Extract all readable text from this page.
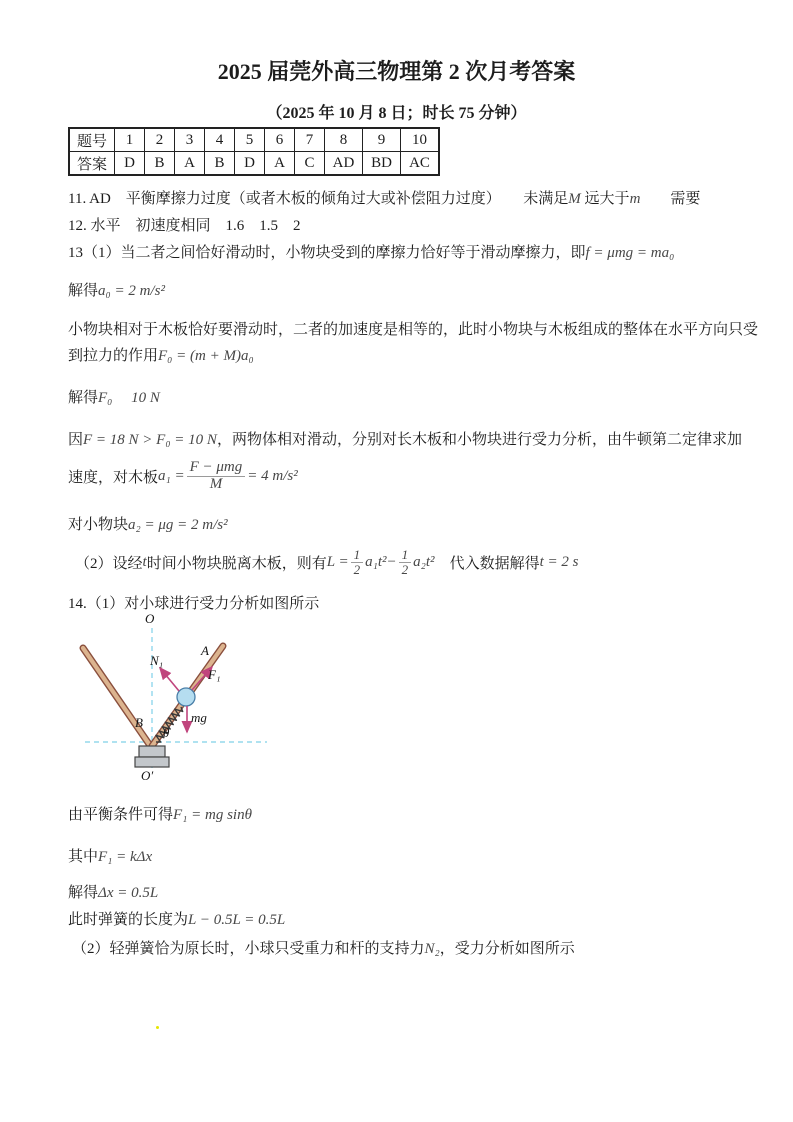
2025 届莞外高三物理第 2 次月考答案
（2025 年 10 月 8 日；时长 75 分钟）
题号	1	2	3	4	5	6	7	8	9	10
答案	D	B	A	B	D	A	C	AD	BD	AC
11. AD　平衡摩擦力过度（或者木板的倾角过大或补偿阻力过度）　　未满足M 远大于m　　需要
12. 水平　初速度相同　1.6　1.5　2
13（1）当二者之间恰好滑动时，小物块受到的摩擦力恰好等于滑动摩擦力，即f = μmg = ma₀
解得a₀ = 2 m/s²
小物块相对于木板恰好要滑动时，二者的加速度是相等的，此时小物块与木板组成的整体在水平方向只受
到拉力的作用F₀ = (m + M)a₀
解得F₀　 10 N
因F = 18 N > F₀ = 10 N，两物体相对滑动，分别对长木板和小物块进行受力分析，由牛顿第二定律求加
速度，对木板 $a_1 = \frac{\text{F − μmg}}{M} = 4$ m/s²
对小物块a₂ = μg = 2 m/s²
（2）设经 t 时间小物块脱离木板，则有 $L = \frac{1}{2} a_1t^2 - \frac{1}{2} a_2t^2$ 　代入数据解得 t = 2 s
14.（1）对小球进行受力分析如图所示
O
O′
A
B
N₁
F₁
mg
θ
由平衡条件可得F₁ = mg sinθ
其中F₁ = kΔx
解得Δx = 0.5L
此时弹簧的长度为L − 0.5L = 0.5L
（2）轻弹簧恰为原长时，小球只受重力和杆的支持力N₂，受力分析如图所示
